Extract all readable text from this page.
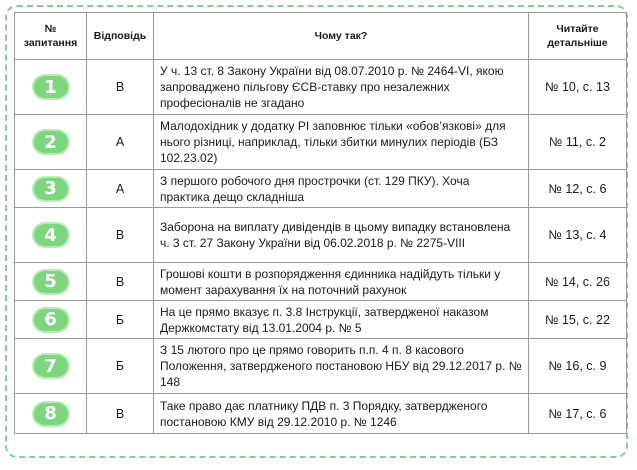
№ запитання	Відповідь	Чому так?	Читайте детальніше
1	В	У ч. 13 ст. 8 Закону України від 08.07.2010 р. № 2464-VI, якою запроваджено пільгову ЄСВ-ставку про незалежних професіоналів не згадано	№ 10, с. 13
2	А	Малодохідник у додатку РІ заповнює тільки «обов’язкові» для нього різниці, наприклад, тільки збитки минулих періодів (БЗ 102.23.02)	№ 11, с. 2
3	А	З першого робочого дня прострочки (ст. 129 ПКУ). Хоча практика дещо складніша	№ 12, с. 6
4	В	Заборона на виплату дивідендів в цьому випадку встановлена ч. 3 ст. 27 Закону України від 06.02.2018 р. № 2275-VIII	№ 13, с. 4
5	В	Грошові кошти в розпорядження єдинника надійдуть тільки у момент зарахування їх на поточний рахунок	№ 14, с. 26
6	Б	На це прямо вказує п. 3.8 Інструкції, затвердженої наказом Держкомстату від 13.01.2004 р. № 5	№ 15, с. 22
7	Б	З 15 лютого про це прямо говорить п.п. 4 п. 8 касового Положення, затвердженого постановою НБУ від 29.12.2017 р. № 148	№ 16, с. 9
8	В	Таке право дає платнику ПДВ п. 3 Порядку, затвердженого постановою КМУ від 29.12.2010 р. № 1246	№ 17, с. 6
